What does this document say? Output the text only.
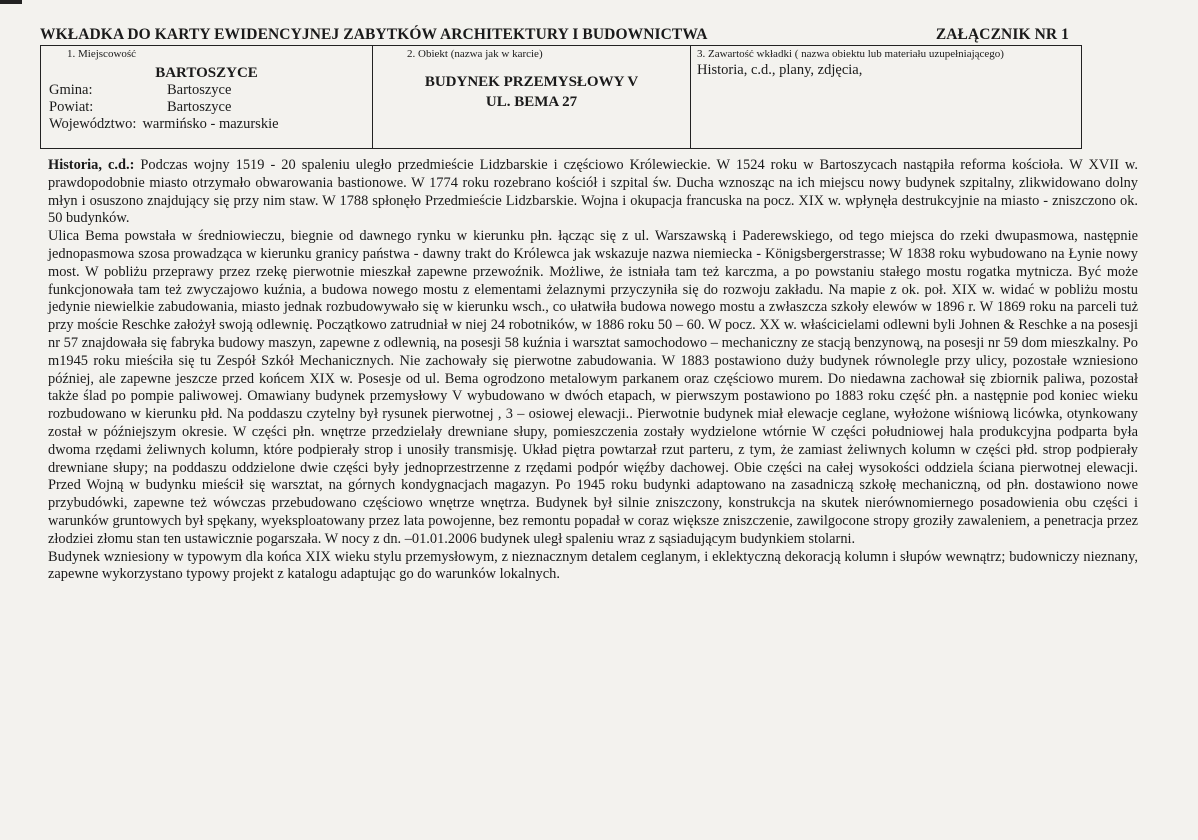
WKŁADKA DO KARTY EWIDENCYJNEJ ZABYTKÓW ARCHITEKTURY I BUDOWNICTWA	ZAŁĄCZNIK NR 1
1. Miejscowość
BARTOSZYCE
Gmina:	Bartoszyce
Powiat:	Bartoszyce
Województwo: warmińsko - mazurskie

2. Obiekt (nazwa jak w karcie)
BUDYNEK PRZEMYSŁOWY V
UL. BEMA 27

3. Zawartość wkładki ( nazwa obiektu lub materiału uzupełniającego)
Historia, c.d., plany, zdjęcia,

Historia, c.d.: Podczas wojny 1519 - 20 spaleniu uległo przedmieście Lidzbarskie i częściowo Królewieckie. W 1524 roku w Bartoszycach nastąpiła reforma kościoła. W XVII w. prawdopodobnie miasto otrzymało obwarowania bastionowe. W 1774 roku rozebrano kościół i szpital św. Ducha wznosząc na ich miejscu nowy budynek szpitalny, zlikwidowano dolny młyn i osuszono znajdujący się przy nim staw. W 1788 spłonęło Przedmieście Lidzbarskie. Wojna i okupacja francuska na pocz. XIX w. wpłynęła destrukcyjnie na miasto - zniszczono ok. 50 budynków.

Ulica Bema powstała w średniowieczu, biegnie od dawnego rynku w kierunku płn. łącząc się z ul. Warszawską i Paderewskiego, od tego miejsca do rzeki dwupasmowa, następnie jednopasmowa szosa prowadząca w kierunku granicy państwa - dawny trakt do Królewca jak wskazuje nazwa niemiecka - Königsbergerstrasse; W 1838 roku wybudowano na Łynie nowy most. W pobliżu przeprawy przez rzekę pierwotnie mieszkał zapewne przewoźnik. Możliwe, że istniała tam też karczma, a po powstaniu stałego mostu rogatka mytnicza. Być może funkcjonowała tam też zwyczajowo kuźnia, a budowa nowego mostu z elementami żelaznymi przyczyniła się do rozwoju zakładu. Na mapie z ok. poł. XIX w. widać w pobliżu mostu jedynie niewielkie zabudowania, miasto jednak rozbudowywało się w kierunku wsch., co ułatwiła budowa nowego mostu a zwłaszcza szkoły elewów w 1896 r. W 1869 roku na parceli tuż przy moście Reschke założył swoją odlewnię. Początkowo zatrudniał w niej 24 robotników, w 1886 roku 50 – 60. W pocz. XX w. właścicielami odlewni byli Johnen & Reschke a na posesji nr 57 znajdowała się fabryka budowy maszyn, zapewne z odlewnią, na posesji 58 kuźnia i warsztat samochodowo – mechaniczny ze stacją benzynową, na posesji nr 59 dom mieszkalny. Po m1945 roku mieściła się tu Zespół Szkół Mechanicznych. Nie zachowały się pierwotne zabudowania. W 1883 postawiono duży budynek równolegle przy ulicy, pozostałe wzniesiono później, ale zapewne jeszcze przed końcem XIX w. Posesje od ul. Bema ogrodzono metalowym parkanem oraz częściowo murem. Do niedawna zachował się zbiornik paliwa, pozostał także ślad po pompie paliwowej. Omawiany budynek przemysłowy V wybudowano w dwóch etapach, w pierwszym postawiono po 1883 roku część płn. a następnie pod koniec wieku rozbudowano w kierunku płd. Na poddaszu czytelny był rysunek pierwotnej , 3 – osiowej elewacji.. Pierwotnie budynek miał elewacje ceglane, wyłożone wiśniową licówka, otynkowany został w późniejszym okresie. W części płn. wnętrze przedzielały drewniane słupy, pomieszczenia zostały wydzielone wtórnie W części południowej hala produkcyjna podparta była dwoma rzędami żeliwnych kolumn, które podpierały strop i unosiły transmisję. Układ piętra powtarzał rzut parteru, z tym, że zamiast żeliwnych kolumn w części płd. strop podpierały drewniane słupy; na poddaszu oddzielone dwie części były jednoprzestrzenne z rzędami podpór więźby dachowej. Obie części na całej wysokości oddziela ściana pierwotnej elewacji. Przed Wojną w budynku mieścił się warsztat, na górnych kondygnacjach magazyn. Po 1945 roku budynki adaptowano na zasadniczą szkołę mechaniczną, od płn. dostawiono nowe przybudówki, zapewne też wówczas przebudowano częściowo wnętrze wnętrza. Budynek był silnie zniszczony, konstrukcja na skutek nierównomiernego posadowienia obu części i warunków gruntowych był spękany, wyeksploatowany przez lata powojenne, bez remontu popadał w coraz większe zniszczenie, zawilgocone stropy groziły zawaleniem, a penetracja przez złodziei złomu stan ten ustawicznie pogarszała. W nocy z dn. –01.01.2006 budynek uległ spaleniu wraz z sąsiadującym budynkiem stolarni.

Budynek wzniesiony w typowym dla końca XIX wieku stylu przemysłowym, z nieznacznym detalem ceglanym, i eklektyczną dekoracją kolumn i słupów wewnątrz; budowniczy nieznany, zapewne wykorzystano typowy projekt z katalogu adaptując go do warunków lokalnych.
